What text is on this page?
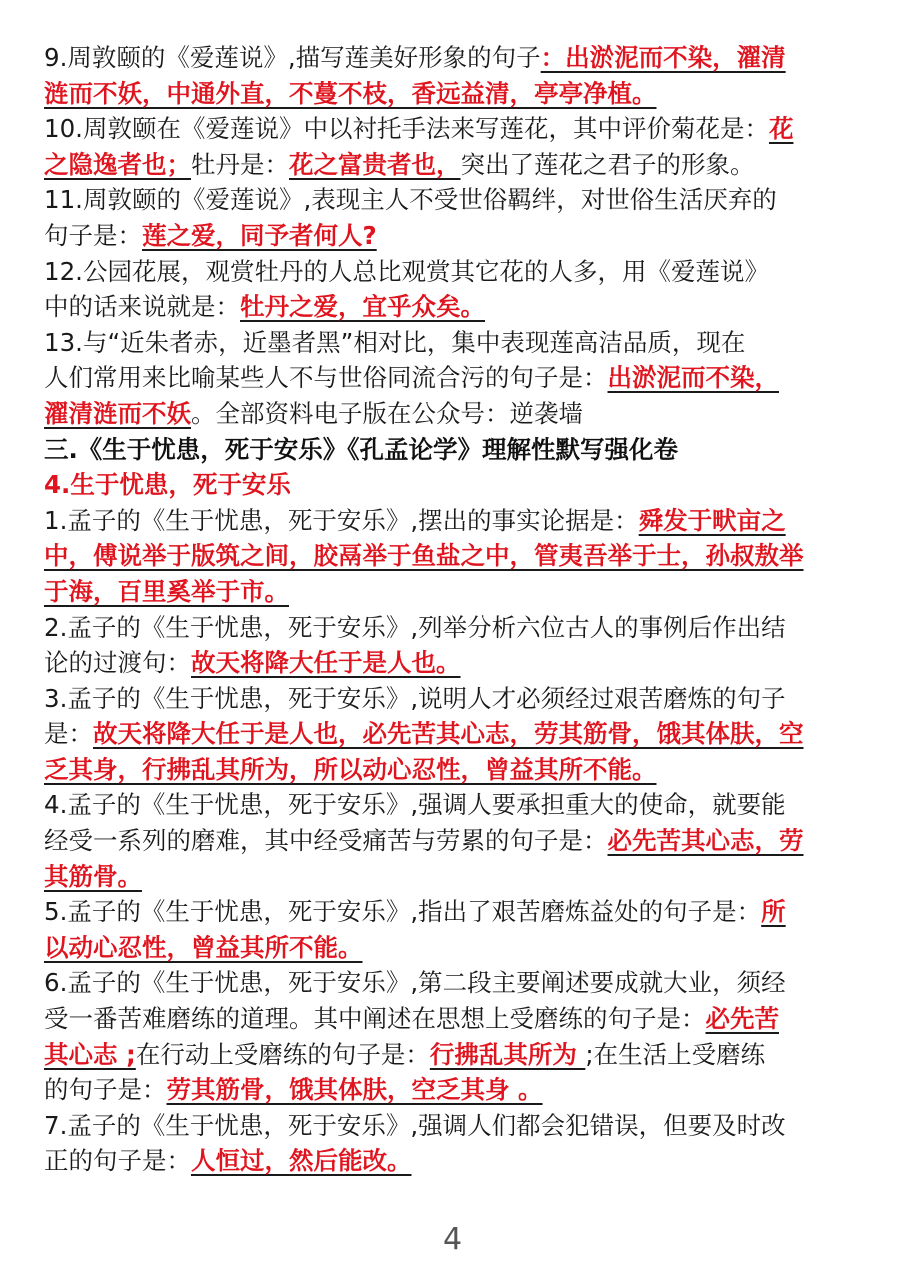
9.周敦颐的《爱莲说》,描写莲美好形象的句子：出淤泥而不染，濯清
涟而不妖，中通外直，不蔓不枝，香远益清，亭亭净植。
10.周敦颐在《爱莲说》中以衬托手法来写莲花，其中评价菊花是：花
之隐逸者也；牡丹是：花之富贵者也，突出了莲花之君子的形象。
11.周敦颐的《爱莲说》,表现主人不受世俗羁绊，对世俗生活厌弃的
句子是：莲之爱，同予者何人?
12.公园花展，观赏牡丹的人总比观赏其它花的人多，用《爱莲说》
中的话来说就是：牡丹之爱，宜乎众矣。
13.与“近朱者赤，近墨者黑”相对比，集中表现莲高洁品质，现在
人们常用来比喻某些人不与世俗同流合污的句子是：出淤泥而不染，
濯清涟而不妖。全部资料电子版在公众号：逆袭墙
三.《生于忧患，死于安乐》《孔孟论学》理解性默写强化卷
4.生于忧患，死于安乐
1.孟子的《生于忧患，死于安乐》,摆出的事实论据是：舜发于畎亩之
中，傅说举于版筑之间，胶鬲举于鱼盐之中，管夷吾举于士，孙叔敖举
于海，百里奚举于市。
2.孟子的《生于忧患，死于安乐》,列举分析六位古人的事例后作出结
论的过渡句：故天将降大任于是人也。
3.孟子的《生于忧患，死于安乐》,说明人才必须经过艰苦磨炼的句子
是：故天将降大任于是人也，必先苦其心志，劳其筋骨，饿其体肤，空
乏其身，行拂乱其所为，所以动心忍性，曾益其所不能。
4.孟子的《生于忧患，死于安乐》,强调人要承担重大的使命，就要能
经受一系列的磨难，其中经受痛苦与劳累的句子是：必先苦其心志，劳
其筋骨。
5.孟子的《生于忧患，死于安乐》,指出了艰苦磨炼益处的句子是：所
以动心忍性，曾益其所不能。
6.孟子的《生于忧患，死于安乐》,第二段主要阐述要成就大业，须经
受一番苦难磨练的道理。其中阐述在思想上受磨练的句子是：必先苦
其心志 ;在行动上受磨练的句子是：行拂乱其所为 ;在生活上受磨练
的句子是：劳其筋骨，饿其体肤，空乏其身 。
7.孟子的《生于忧患，死于安乐》,强调人们都会犯错误，但要及时改
正的句子是：人恒过，然后能改。
4
